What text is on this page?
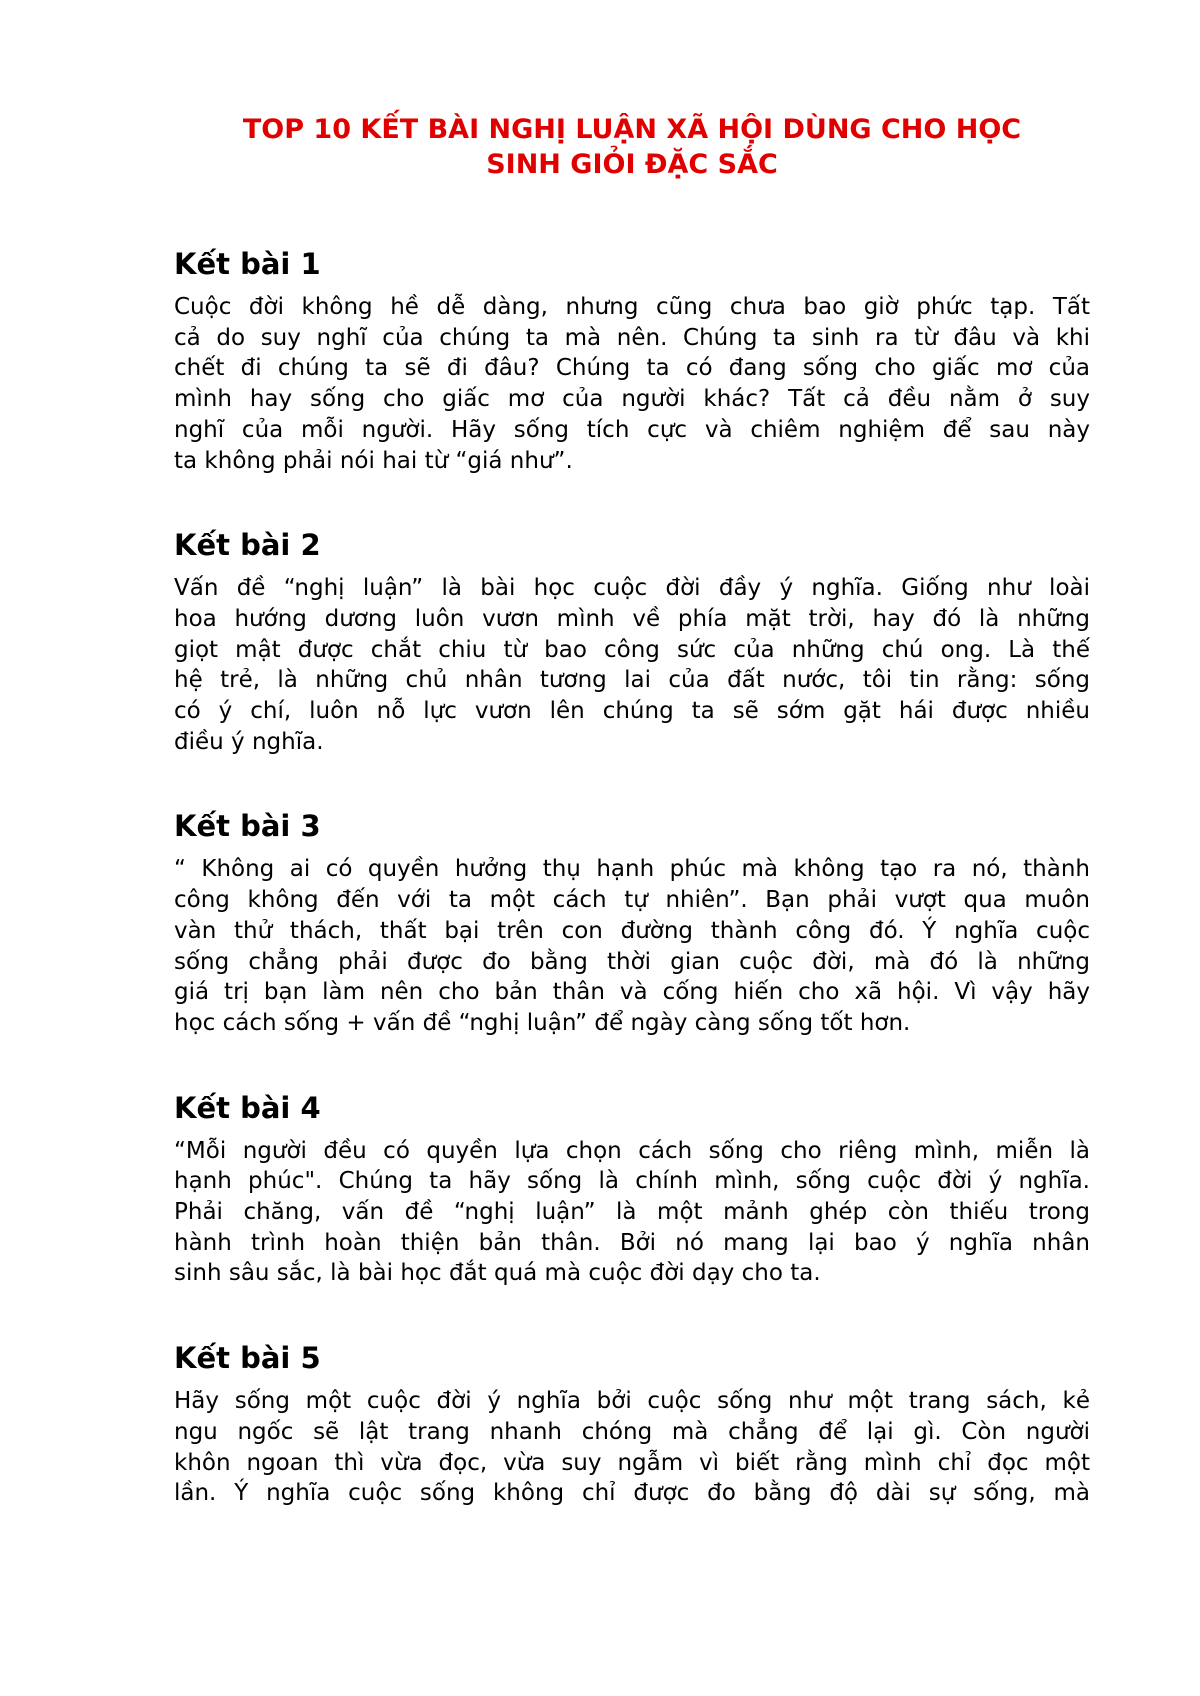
TOP 10 KẾT BÀI NGHỊ LUẬN XÃ HỘI DÙNG CHO HỌC
SINH GIỎI ĐẶC SẮC
Kết bài 1

Cuộc đời không hề dễ dàng, nhưng cũng chưa bao giờ phức tạp. Tất
cả do suy nghĩ của chúng ta mà nên. Chúng ta sinh ra từ đâu và khi
chết đi chúng ta sẽ đi đâu? Chúng ta có đang sống cho giấc mơ của
mình hay sống cho giấc mơ của người khác? Tất cả đều nằm ở suy
nghĩ của mỗi người. Hãy sống tích cực và chiêm nghiệm để sau này
ta không phải nói hai từ “giá như”.

Kết bài 2

Vấn đề “nghị luận” là bài học cuộc đời đầy ý nghĩa. Giống như loài
hoa hướng dương luôn vươn mình về phía mặt trời, hay đó là những
giọt mật được chắt chiu từ bao công sức của những chú ong. Là thế
hệ trẻ, là những chủ nhân tương lai của đất nước, tôi tin rằng: sống
có ý chí, luôn nỗ lực vươn lên chúng ta sẽ sớm gặt hái được nhiều
điều ý nghĩa.

Kết bài 3

“ Không ai có quyền hưởng thụ hạnh phúc mà không tạo ra nó, thành
công không đến với ta một cách tự nhiên”. Bạn phải vượt qua muôn
vàn thử thách, thất bại trên con đường thành công đó. Ý nghĩa cuộc
sống chẳng phải được đo bằng thời gian cuộc đời, mà đó là những
giá trị bạn làm nên cho bản thân và cống hiến cho xã hội. Vì vậy hãy
học cách sống + vấn đề “nghị luận” để ngày càng sống tốt hơn.

Kết bài 4

“Mỗi người đều có quyền lựa chọn cách sống cho riêng mình, miễn là
hạnh phúc". Chúng ta hãy sống là chính mình, sống cuộc đời ý nghĩa.
Phải chăng, vấn đề “nghị luận” là một mảnh ghép còn thiếu trong
hành trình hoàn thiện bản thân. Bởi nó mang lại bao ý nghĩa nhân
sinh sâu sắc, là bài học đắt quá mà cuộc đời dạy cho ta.

Kết bài 5

Hãy sống một cuộc đời ý nghĩa bởi cuộc sống như một trang sách, kẻ
ngu ngốc sẽ lật trang nhanh chóng mà chẳng để lại gì. Còn người
khôn ngoan thì vừa đọc, vừa suy ngẫm vì biết rằng mình chỉ đọc một
lần. Ý nghĩa cuộc sống không chỉ được đo bằng độ dài sự sống, mà
